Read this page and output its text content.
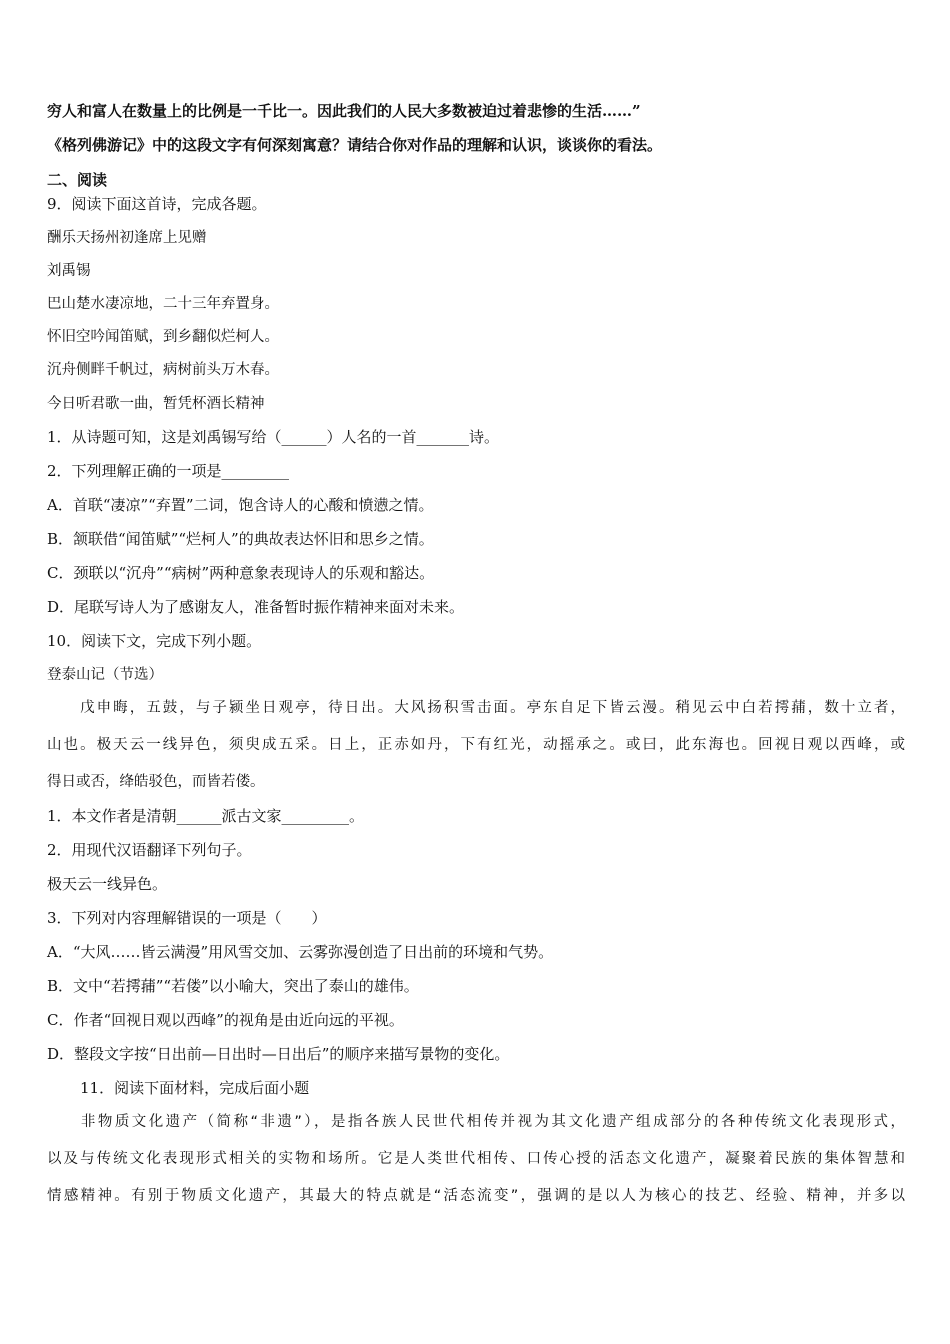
穷人和富人在数量上的比例是一千比一。因此我们的人民大多数被迫过着悲惨的生活……”
《格列佛游记》中的这段文字有何深刻寓意？请结合你对作品的理解和认识，谈谈你的看法。
二、阅读
9．阅读下面这首诗，完成各题。
酬乐天扬州初逢席上见赠
刘禹锡
巴山楚水凄凉地，二十三年弃置身。
怀旧空吟闻笛赋，到乡翻似烂柯人。
沉舟侧畔千帆过，病树前头万木春。
今日听君歌一曲，暂凭杯酒长精神
1．从诗题可知，这是刘禹锡写给（______）人名的一首_______诗。
2．下列理解正确的一项是_________
A．首联“凄凉”“弃置”二词，饱含诗人的心酸和愤懑之情。
B．颔联借“闻笛赋”“烂柯人”的典故表达怀旧和思乡之情。
C．颈联以“沉舟”“病树”两种意象表现诗人的乐观和豁达。
D．尾联写诗人为了感谢友人，准备暂时振作精神来面对未来。
10．阅读下文，完成下列小题。
登泰山记（节选）
　　戊申晦，五鼓，与子颍坐日观亭，待日出。大风扬积雪击面。亭东自足下皆云漫。稍见云中白若摴蒱，数十立者，
山也。极天云一线异色，须臾成五采。日上，正赤如丹，下有红光，动摇承之。或曰，此东海也。回视日观以西峰，或
得日或否，绛皓驳色，而皆若偻。
1．本文作者是清朝______派古文家_________。
2．用现代汉语翻译下列句子。
极天云一线异色。
3．下列对内容理解错误的一项是（　　）
A．“大风……皆云满漫”用风雪交加、云雾弥漫创造了日出前的环境和气势。
B．文中“若摴蒱”“若偻”以小喻大，突出了泰山的雄伟。
C．作者“回视日观以西峰”的视角是由近向远的平视。
D．整段文字按“日出前—日出时—日出后”的顺序来描写景物的变化。
11．阅读下面材料，完成后面小题
　　非物质文化遗产（简称“非遗”），是指各族人民世代相传并视为其文化遗产组成部分的各种传统文化表现形式，
以及与传统文化表现形式相关的实物和场所。它是人类世代相传、口传心授的活态文化遗产，凝聚着民族的集体智慧和
情感精神。有别于物质文化遗产，其最大的特点就是“活态流变”，强调的是以人为核心的技艺、经验、精神，并多以
